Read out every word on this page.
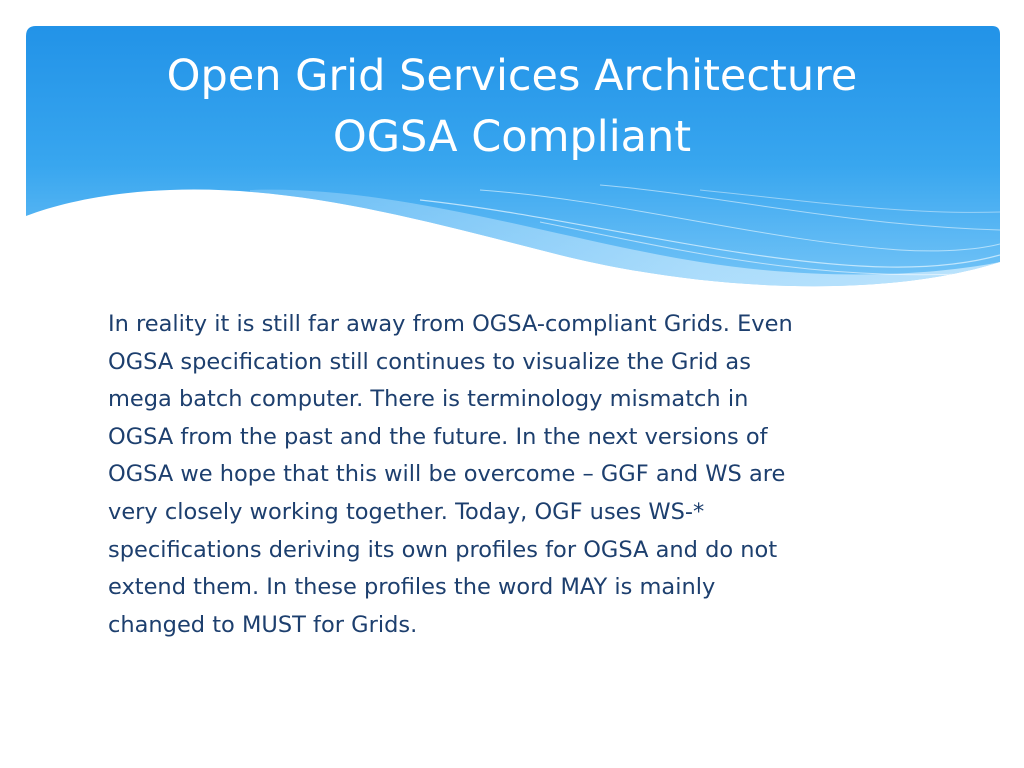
Open Grid Services Architecture
OGSA Compliant
In reality it is still far away from OGSA-compliant Grids. Even
OGSA specification still continues to visualize the Grid as
mega batch computer. There is terminology mismatch in
OGSA from the past and the future. In the next versions of
OGSA we hope that this will be overcome – GGF and WS are
very closely working together. Today, OGF uses WS-*
specifications deriving its own profiles for OGSA and do not
extend them. In these profiles the word MAY is mainly
changed to MUST for Grids.
